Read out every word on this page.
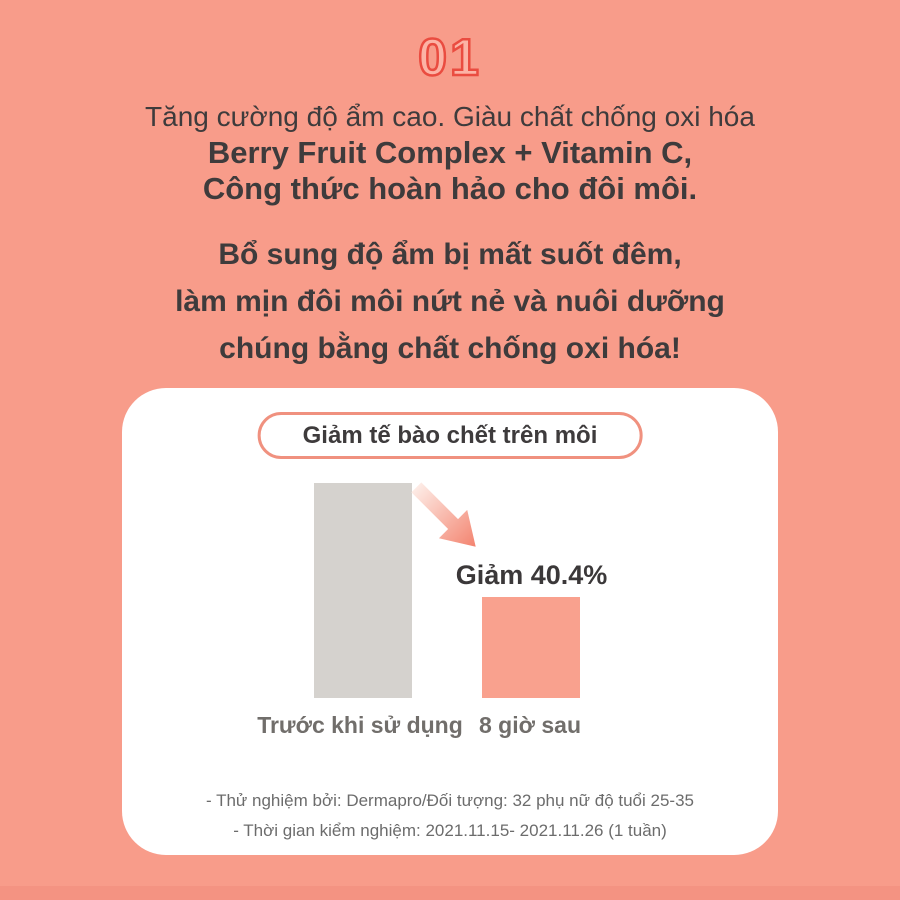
01
Tăng cường độ ẩm cao. Giàu chất chống oxi hóa
Berry Fruit Complex + Vitamin C,
Công thức hoàn hảo cho đôi môi.
Bổ sung độ ẩm bị mất suốt đêm,
làm mịn đôi môi nứt nẻ và nuôi dưỡng
chúng bằng chất chống oxi hóa!
Giảm tế bào chết trên môi
Giảm 40.4%
Trước khi sử dụng 8 giờ sau
- Thử nghiệm bởi: Dermapro/Đối tượng: 32 phụ nữ độ tuổi 25-35
- Thời gian kiểm nghiệm: 2021.11.15- 2021.11.26 (1 tuần)
